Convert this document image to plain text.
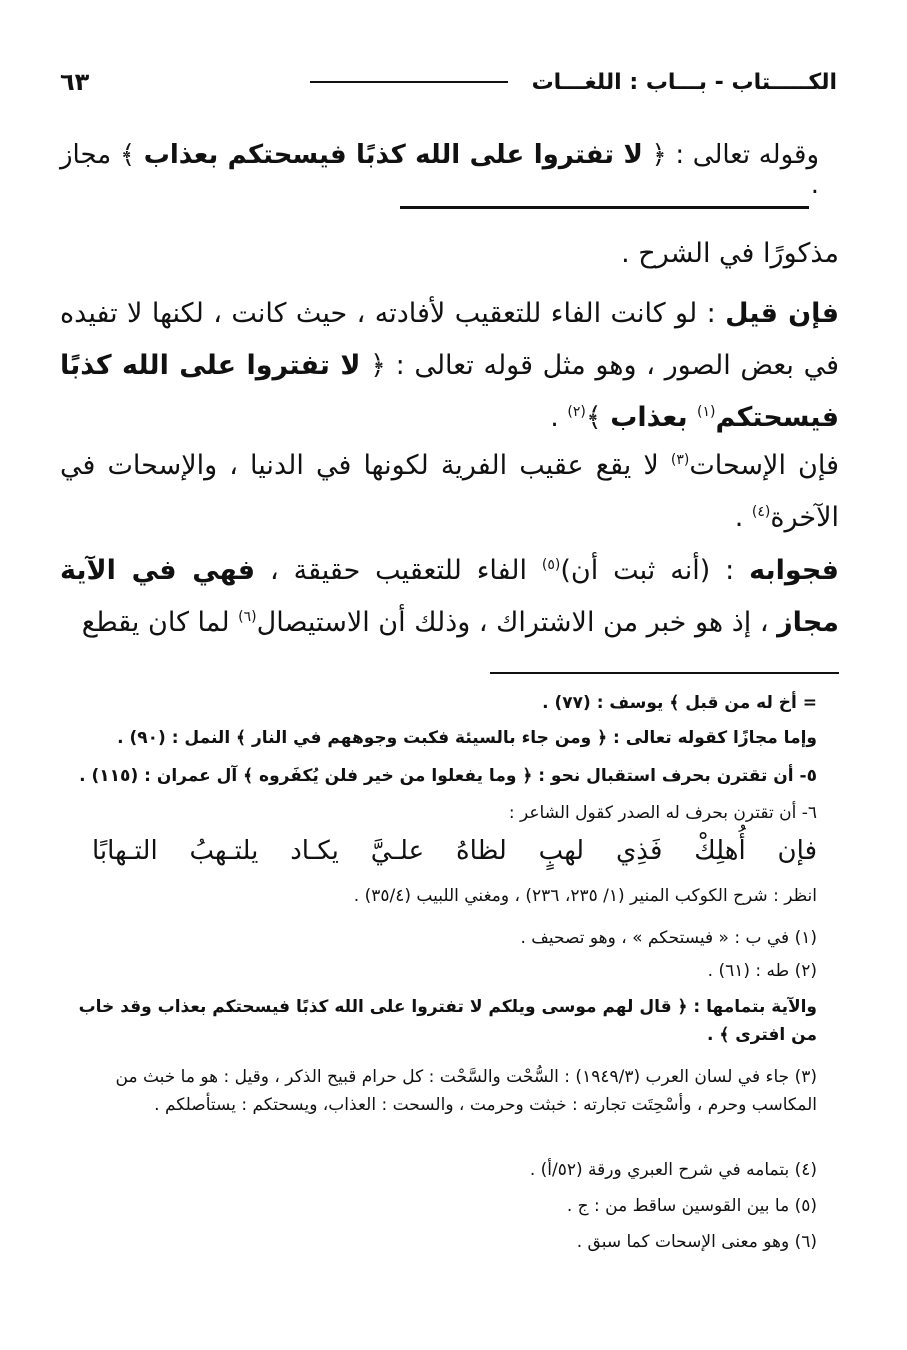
الكـــــتاب - بـــاب : اللغـــات
٦٣
وقوله تعالى : ﴿ لا تفتروا على الله كذبًا فيسحتكم بعذاب ﴾ مجاز .
مذكورًا في الشرح .
فإن قيل : لو كانت الفاء للتعقيب لأفادته ، حيث كانت ، لكنها لا تفيده في بعض الصور ، وهو مثل قوله تعالى : ﴿ لا تفتروا على الله كذبًا فيسحتكم$^{(١)}$ بعذاب ﴾$^{(٢)}$ .
فإن الإسحات$^{(٣)}$ لا يقع عقيب الفرية لكونها في الدنيا ، والإسحات في الآخرة$^{(٤)}$ .
فجوابه : (أنه ثبت أن)$^{(٥)}$ الفاء للتعقيب حقيقة ، فهي في الآية مجاز ، إذ هو خبر من الاشتراك ، وذلك أن الاستيصال$^{(٦)}$ لما كان يقطع
= أخ له من قبل ﴾ يوسف : (٧٧) .
وإما مجازًا كقوله تعالى : ﴿ ومن جاء بالسيئة فكبت وجوههم في النار ﴾ النمل : (٩٠) .
٥- أن تقترن بحرف استقبال نحو : ﴿ وما يفعلوا من خير فلن يُكفَروه ﴾ آل عمران : (١١٥) .
٦- أن تقترن بحرف له الصدر كقول الشاعر :
فإن أُهلِكْ فَذِي لهبٍ لظاهُ علـيَّ يكـاد يلتـهبُ التـهابًا
انظر : شرح الكوكب المنير (١/ ٢٣٥، ٢٣٦) ، ومغني اللبيب (٣٥/٤) .
(١) في ب : « فيستحكم » ، وهو تصحيف .
(٢) طه : (٦١) .
والآية بتمامها : ﴿ قال لهم موسى ويلكم لا تفتروا على الله كذبًا فيسحتكم بعذاب وقد خاب من افترى ﴾ .
(٣) جاء في لسان العرب (١٩٤٩/٣) : السُّحْت والسَّحْت : كل حرام قبيح الذكر ، وقيل : هو ما خبث من المكاسب وحرم ، وأسْحِتَت تجارته : خبثت وحرمت ، والسحت : العذاب، ويسحتكم : يستأصلكم .
(٤) بتمامه في شرح العبري ورقة (٥٢/أ) .
(٥) ما بين القوسين ساقط من : ج .
(٦) وهو معنى الإسحات كما سبق .
